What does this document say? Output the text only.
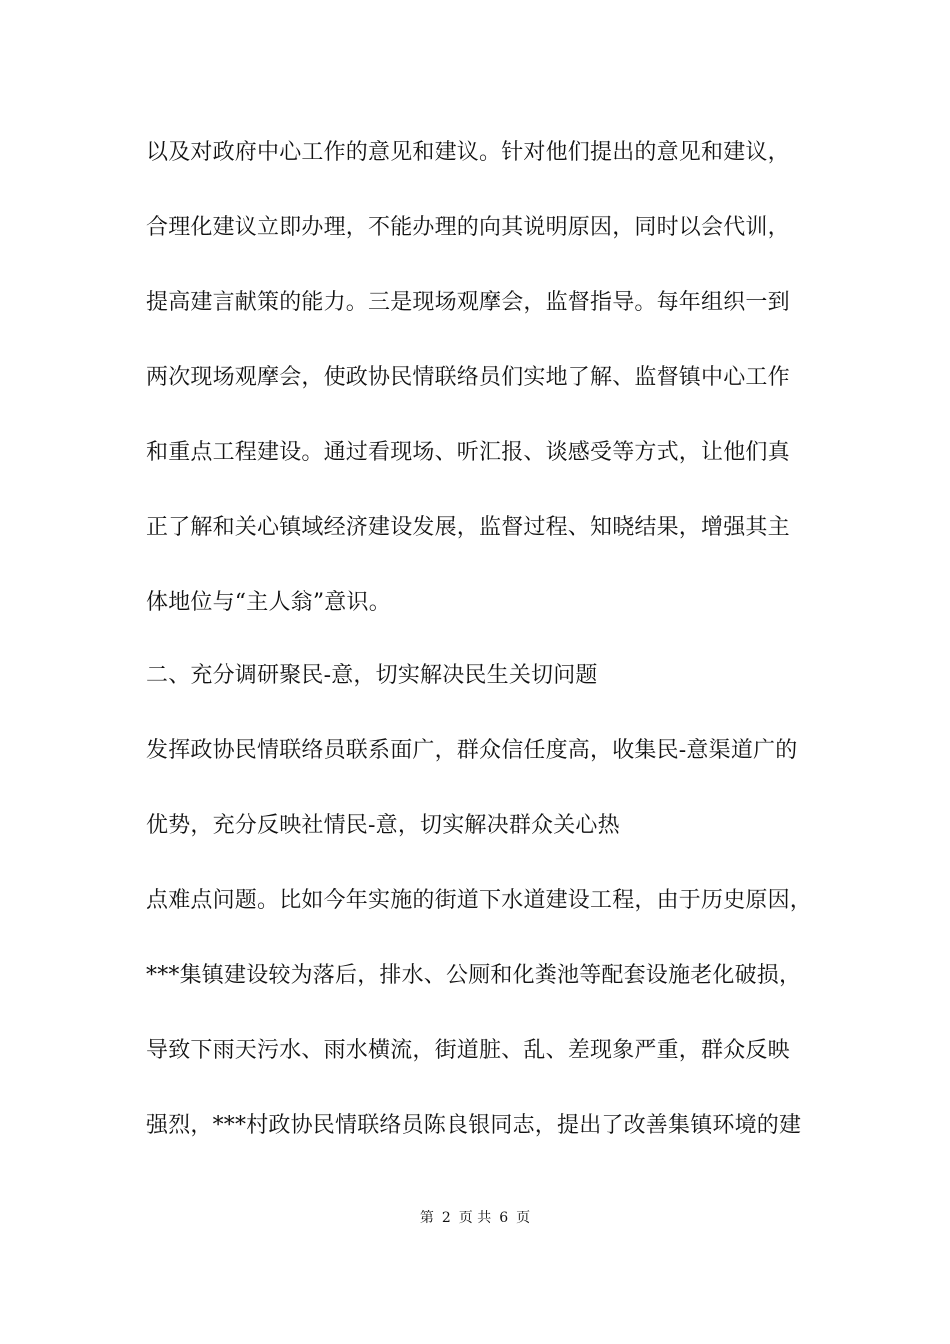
以及对政府中心工作的意见和建议。针对他们提出的意见和建议，
合理化建议立即办理，不能办理的向其说明原因，同时以会代训，
提高建言献策的能力。三是现场观摩会，监督指导。每年组织一到
两次现场观摩会，使政协民情联络员们实地了解、监督镇中心工作
和重点工程建设。通过看现场、听汇报、谈感受等方式，让他们真
正了解和关心镇域经济建设发展，监督过程、知晓结果，增强其主
体地位与“主人翁”意识。
二、充分调研聚民-意，切实解决民生关切问题
发挥政协民情联络员联系面广，群众信任度高，收集民-意渠道广的
优势，充分反映社情民-意，切实解决群众关心热
点难点问题。比如今年实施的街道下水道建设工程，由于历史原因，
***集镇建设较为落后，排水、公厕和化粪池等配套设施老化破损，
导致下雨天污水、雨水横流，街道脏、乱、差现象严重，群众反映
强烈，***村政协民情联络员陈良银同志，提出了改善集镇环境的建
第 2 页 共 6 页
